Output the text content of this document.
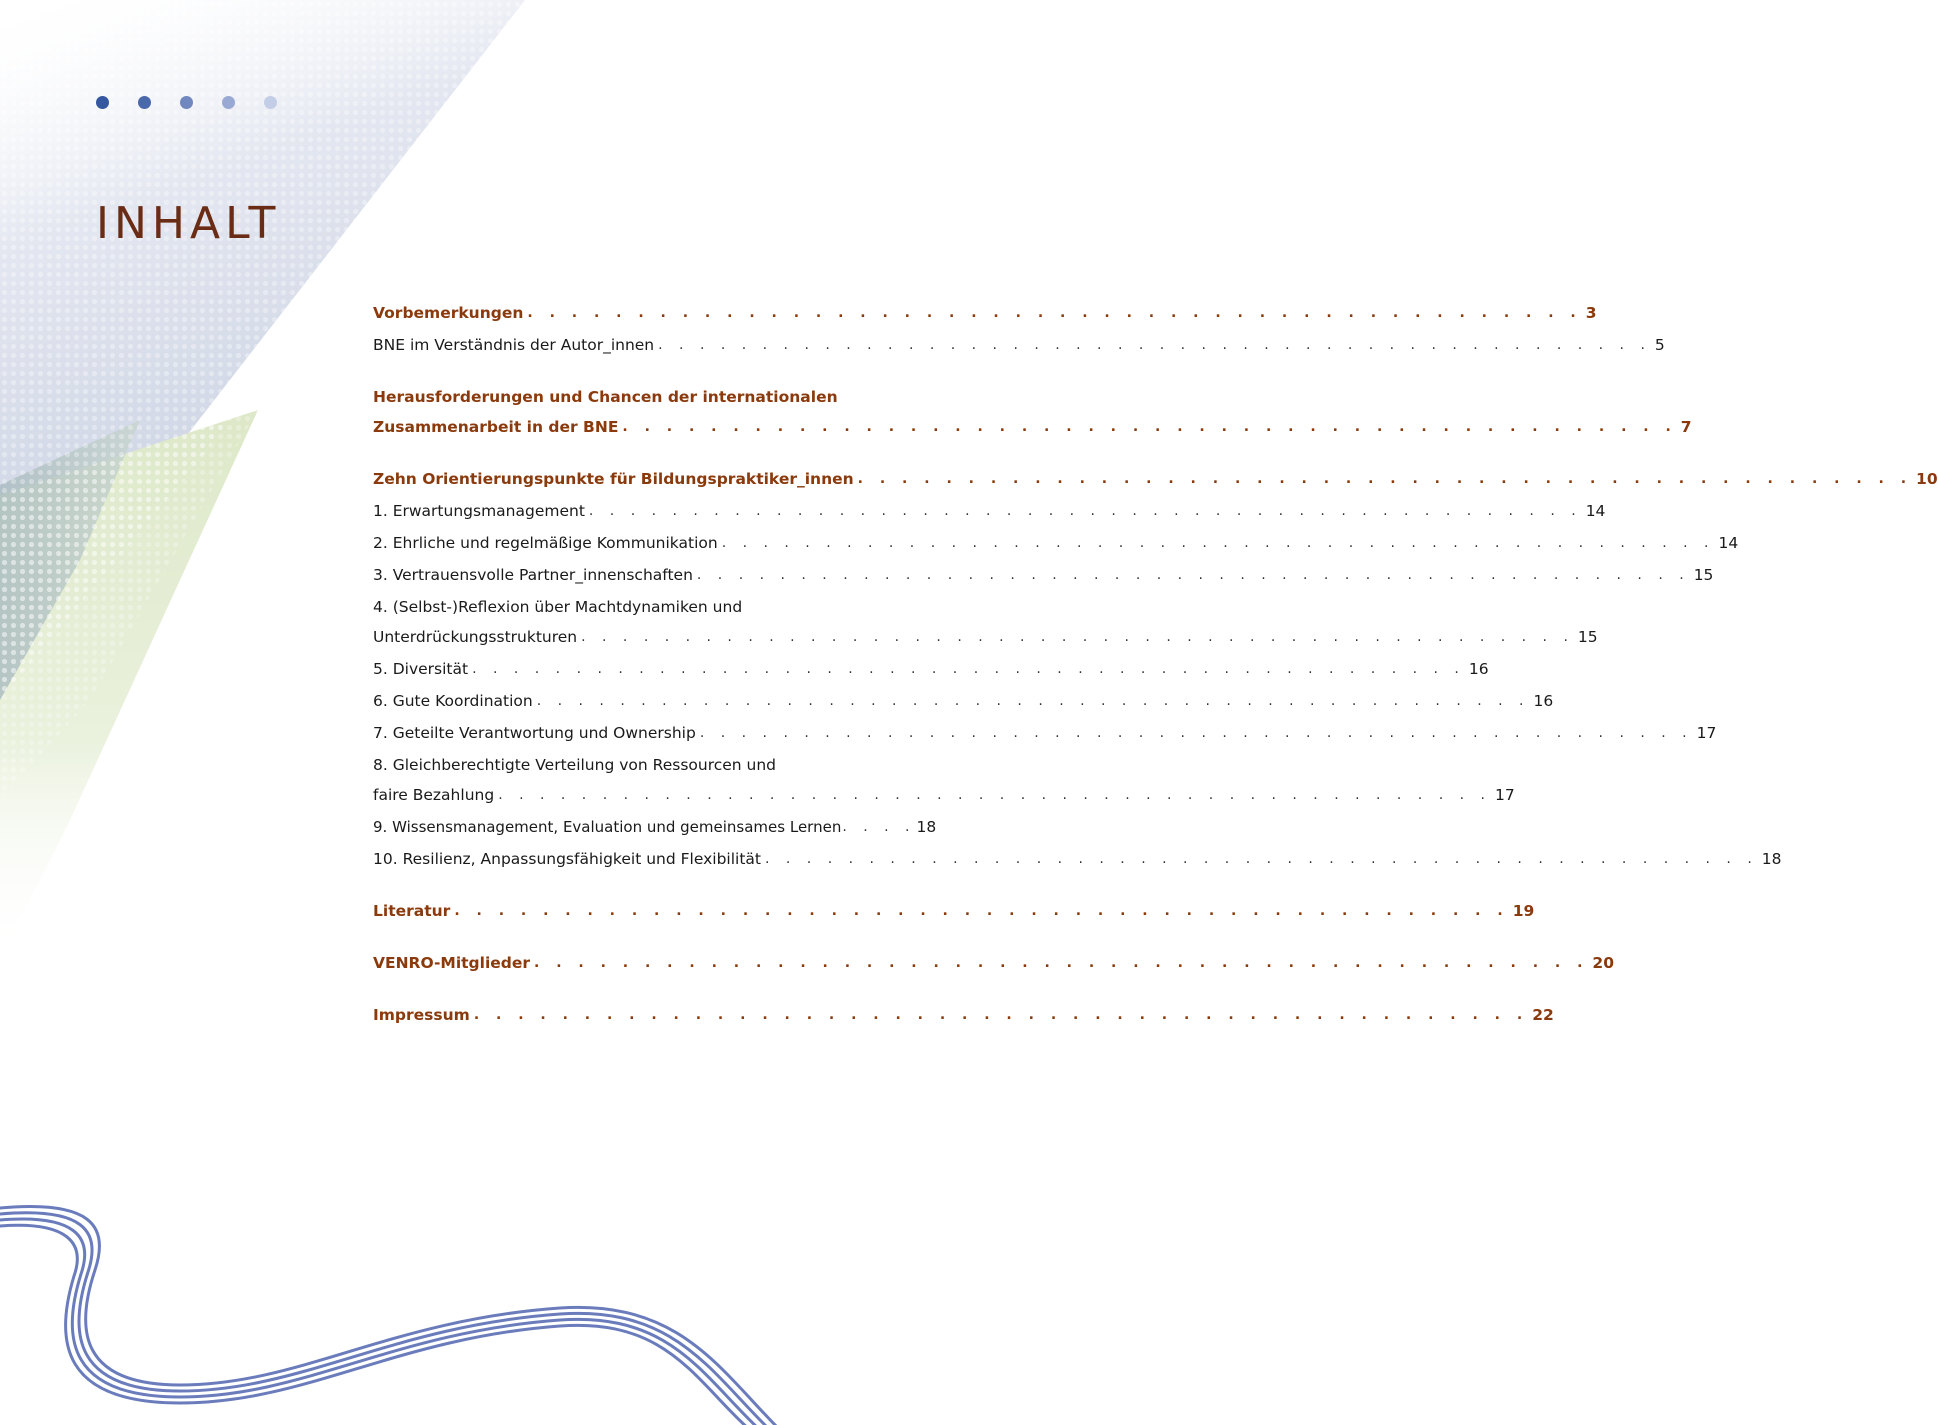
INHALT
Vorbemerkungen . . . . . . . . . . . . . . . . . . . . . . . . . . . . . . . . . . . . . . . . . . . . . . . . 3
BNE im Verständnis der Autor_innen . . . . . . . . . . . . . . . . . . . . . . . . . . . . . . . . . . . . . . . . . . . . . . . . 5
Herausforderungen und Chancen der internationalen
Zusammenarbeit in der BNE . . . . . . . . . . . . . . . . . . . . . . . . . . . . . . . . . . . . . . . . . . . . . . . . 7
Zehn Orientierungspunkte für Bildungspraktiker_innen . . . . . . . . . . . . . . . . . . . . . . . . . . . . . . . . . . . . . . . . . . . . . . . . 10
1. Erwartungsmanagement . . . . . . . . . . . . . . . . . . . . . . . . . . . . . . . . . . . . . . . . . . . . . . . . 14
2. Ehrliche und regelmäßige Kommunikation . . . . . . . . . . . . . . . . . . . . . . . . . . . . . . . . . . . . . . . . . . . . . . . . 14
3. Vertrauensvolle Partner_innenschaften . . . . . . . . . . . . . . . . . . . . . . . . . . . . . . . . . . . . . . . . . . . . . . . . 15
4. (Selbst-)Reflexion über Machtdynamiken und
Unterdrückungsstrukturen . . . . . . . . . . . . . . . . . . . . . . . . . . . . . . . . . . . . . . . . . . . . . . . . 15
5. Diversität . . . . . . . . . . . . . . . . . . . . . . . . . . . . . . . . . . . . . . . . . . . . . . . . 16
6. Gute Koordination . . . . . . . . . . . . . . . . . . . . . . . . . . . . . . . . . . . . . . . . . . . . . . . . 16
7. Geteilte Verantwortung und Ownership . . . . . . . . . . . . . . . . . . . . . . . . . . . . . . . . . . . . . . . . . . . . . . . . 17
8. Gleichberechtigte Verteilung von Ressourcen und
faire Bezahlung . . . . . . . . . . . . . . . . . . . . . . . . . . . . . . . . . . . . . . . . . . . . . . . . 17
9. Wissensmanagement, Evaluation und gemeinsames Lernen . . . . 18
10. Resilienz, Anpassungsfähigkeit und Flexibilität . . . . . . . . . . . . . . . . . . . . . . . . . . . . . . . . . . . . . . . . . . . . . . . . 18
Literatur . . . . . . . . . . . . . . . . . . . . . . . . . . . . . . . . . . . . . . . . . . . . . . . . 19
VENRO-Mitglieder . . . . . . . . . . . . . . . . . . . . . . . . . . . . . . . . . . . . . . . . . . . . . . . . 20
Impressum . . . . . . . . . . . . . . . . . . . . . . . . . . . . . . . . . . . . . . . . . . . . . . . . 22
